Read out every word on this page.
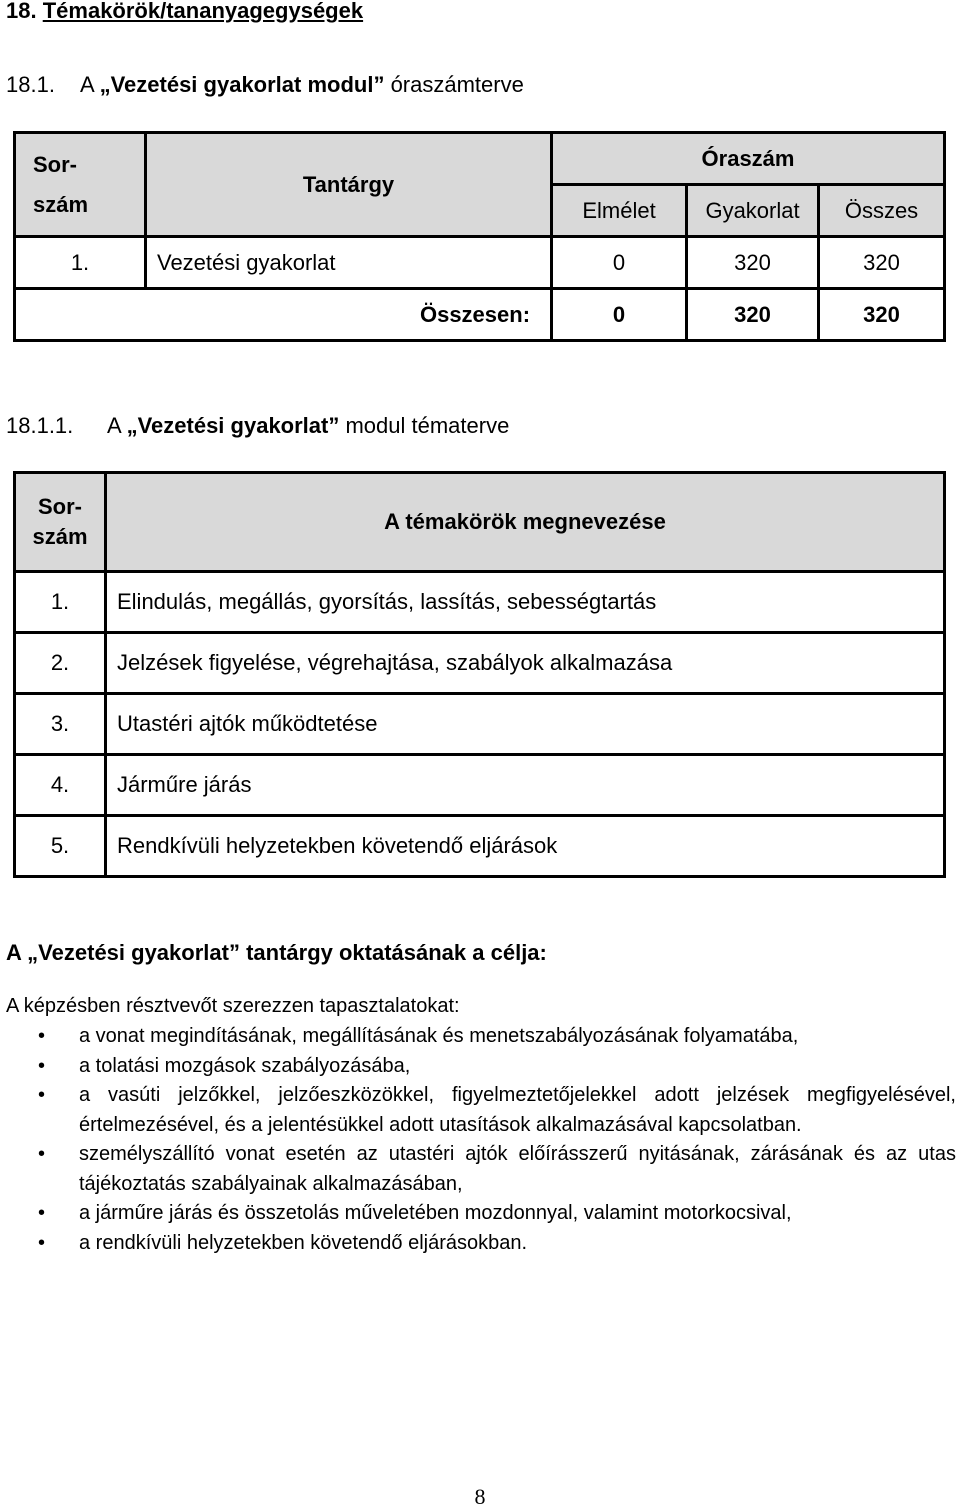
18. Témakörök/tananyagegységek
18.1. A „Vezetési gyakorlat modul” óraszámterve
Sor-
szám	Tantárgy	Óraszám		
		Elmélet	Gyakorlat	Összes
1.	Vezetési gyakorlat	0	320	320
Összesen:		0	320	320
18.1.1. A „Vezetési gyakorlat” modul tématerve
Sor-
szám	A témakörök megnevezése
1.	Elindulás, megállás, gyorsítás, lassítás, sebességtartás
2.	Jelzések figyelése, végrehajtása, szabályok alkalmazása
3.	Utastéri ajtók működtetése
4.	Járműre járás
5.	Rendkívüli helyzetekben követendő eljárások
A „Vezetési gyakorlat” tantárgy oktatásának a célja:
A képzésben résztvevőt szerezzen tapasztalatokat:
• a vonat megindításának, megállításának és menetszabályozásának folyamatába,
• a tolatási mozgások szabályozásába,
• a vasúti jelzőkkel, jelzőeszközökkel, figyelmeztetőjelekkel adott jelzések megfigyelésével, értelmezésével, és a jelentésükkel adott utasítások alkalmazásával kapcsolatban.
• személyszállító vonat esetén az utastéri ajtók előírásszerű nyitásának, zárásának és az utas tájékoztatás szabályainak alkalmazásában,
• a járműre járás és összetolás műveletében mozdonnyal, valamint motorkocsival,
• a rendkívüli helyzetekben követendő eljárásokban.
8
